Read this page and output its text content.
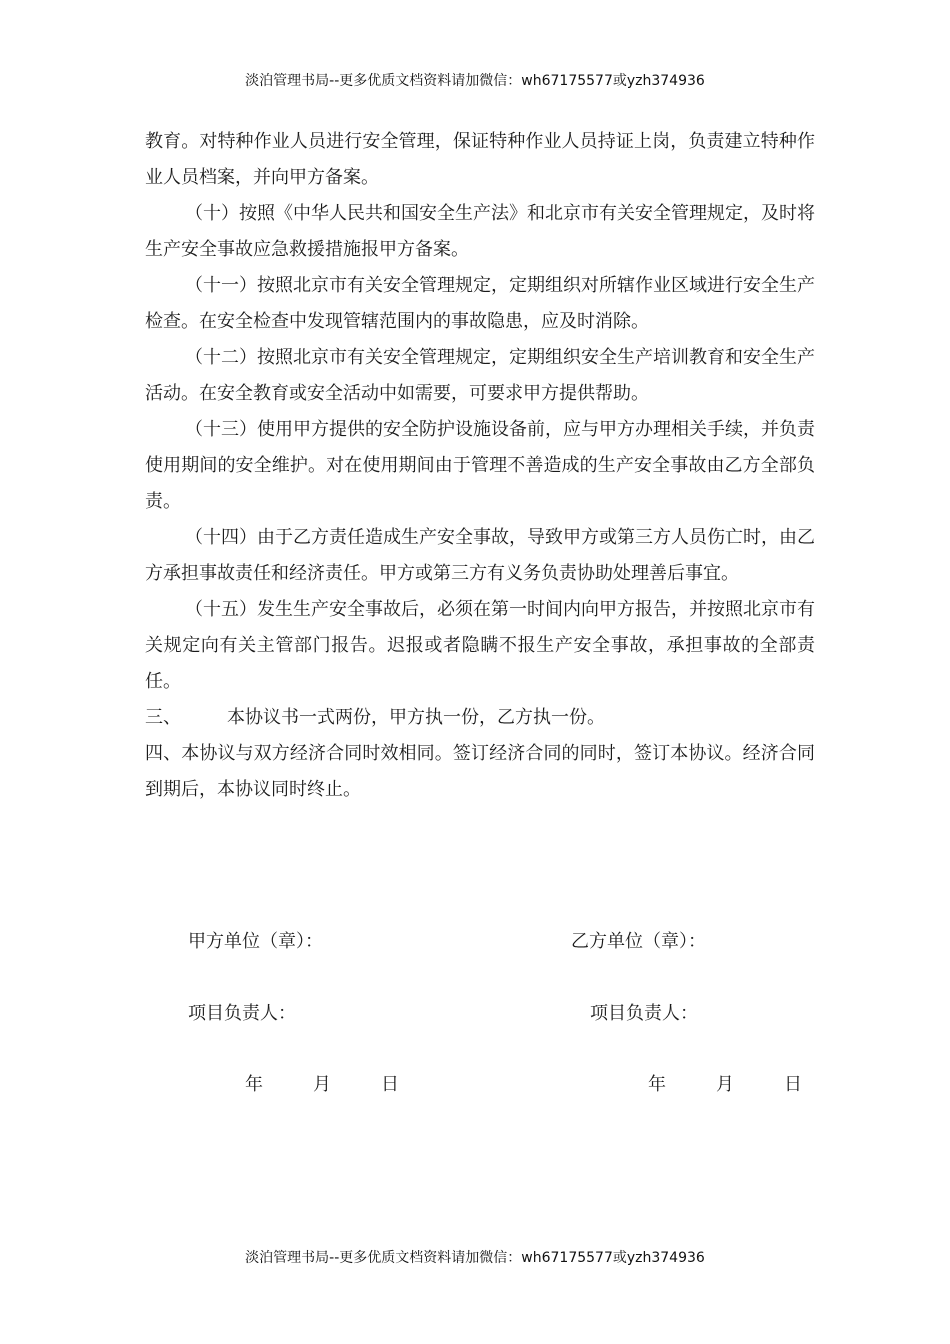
淡泊管理书局--更多优质文档资料请加微信：wh67175577或yzh374936

教育。对特种作业人员进行安全管理，保证特种作业人员持证上岗，负责建立特种作业人员档案，并向甲方备案。

（十）按照《中华人民共和国安全生产法》和北京市有关安全管理规定，及时将生产安全事故应急救援措施报甲方备案。

（十一）按照北京市有关安全管理规定，定期组织对所辖作业区域进行安全生产检查。在安全检查中发现管辖范围内的事故隐患，应及时消除。

（十二）按照北京市有关安全管理规定，定期组织安全生产培训教育和安全生产活动。在安全教育或安全活动中如需要，可要求甲方提供帮助。

（十三）使用甲方提供的安全防护设施设备前，应与甲方办理相关手续，并负责使用期间的安全维护。对在使用期间由于管理不善造成的生产安全事故由乙方全部负责。

（十四）由于乙方责任造成生产安全事故，导致甲方或第三方人员伤亡时，由乙方承担事故责任和经济责任。甲方或第三方有义务负责协助处理善后事宜。

（十五）发生生产安全事故后，必须在第一时间内向甲方报告，并按照北京市有关规定向有关主管部门报告。迟报或者隐瞒不报生产安全事故，承担事故的全部责任。

三、	本协议书一式两份，甲方执一份，乙方执一份。

四、本协议与双方经济合同时效相同。签订经济合同的同时，签订本协议。经济合同到期后，本协议同时终止。

甲方单位（章）：
项目负责人：
年	月	日
乙方单位（章）：
项目负责人：
年	月	日
淡泊管理书局--更多优质文档资料请加微信：wh67175577或yzh374936
